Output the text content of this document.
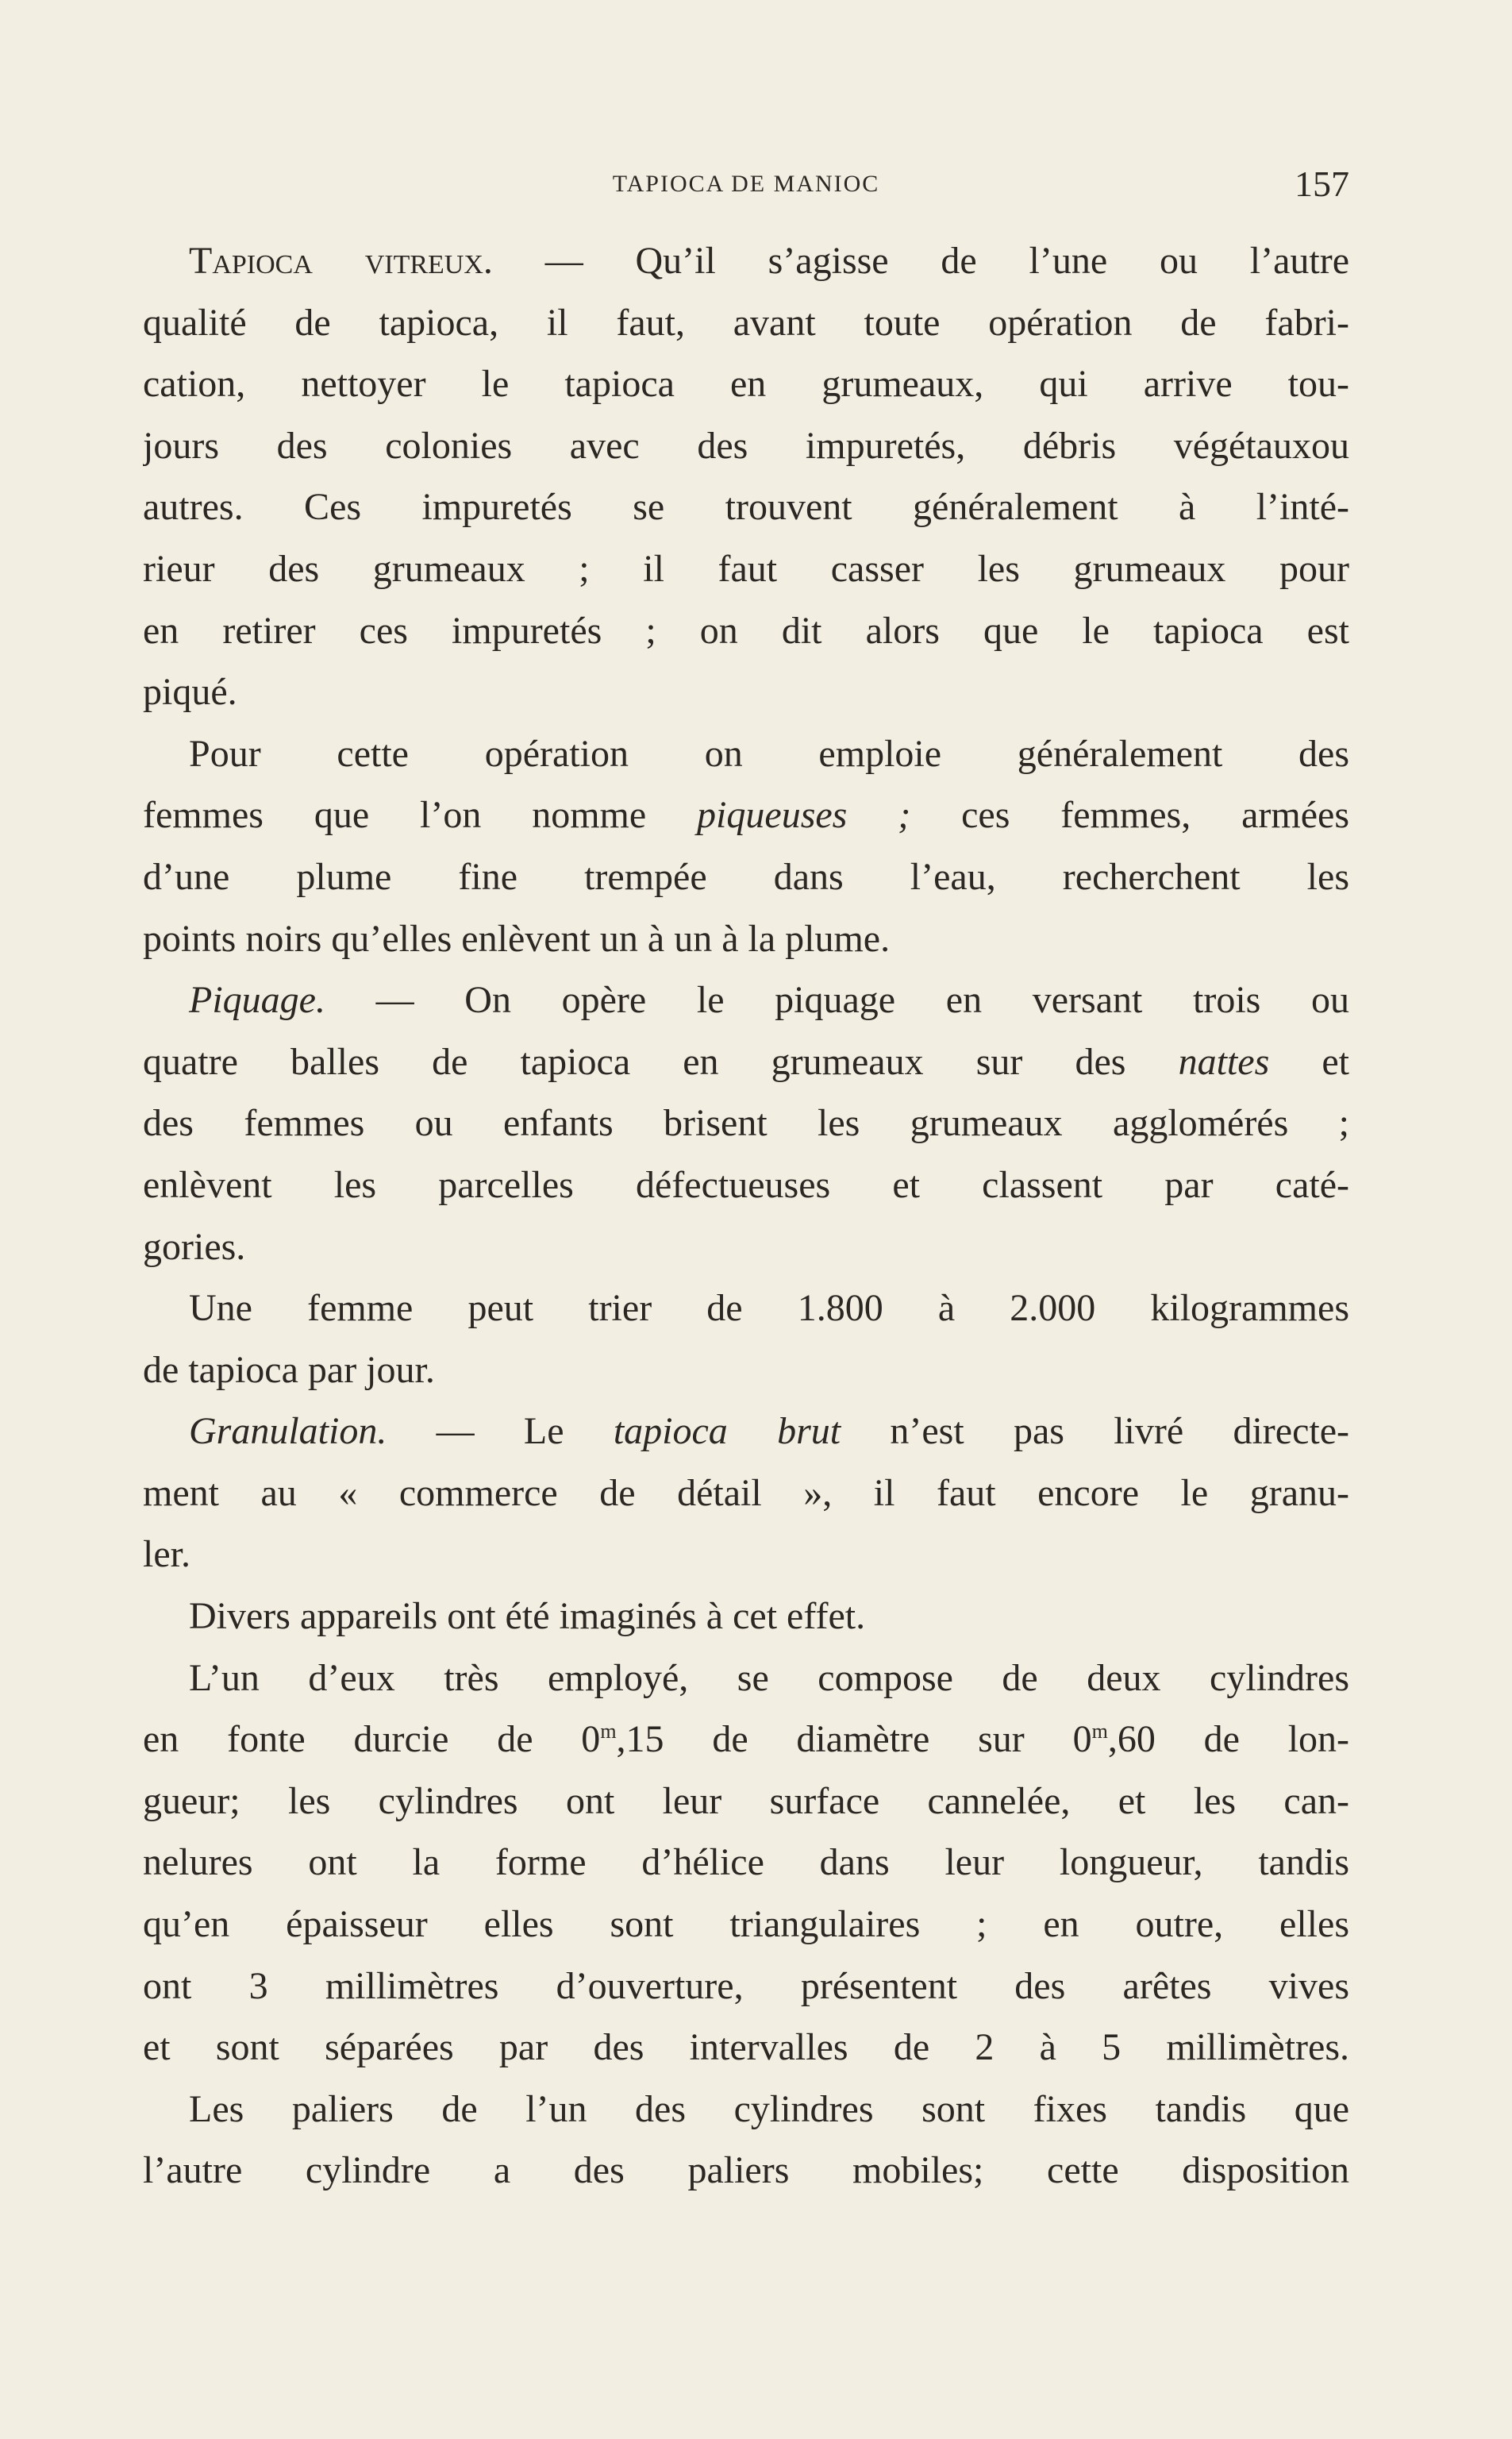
TAPIOCA DE MANIOC	157
Tapioca vitreux. — Qu’il s’agisse de l’une ou l’autre
qualité de tapioca, il faut, avant toute opération de fabri-
cation, nettoyer le tapioca en grumeaux, qui arrive tou-
jours des colonies avec des impuretés, débris végétauxou
autres. Ces impuretés se trouvent généralement à l’inté-
rieur des grumeaux ; il faut casser les grumeaux pour
en retirer ces impuretés ; on dit alors que le tapioca est
piqué.
Pour cette opération on emploie généralement des
femmes que l’on nomme piqueuses ; ces femmes, armées
d’une plume fine trempée dans l’eau, recherchent les
points noirs qu’elles enlèvent un à un à la plume.
Piquage. — On opère le piquage en versant trois ou
quatre balles de tapioca en grumeaux sur des nattes et
des femmes ou enfants brisent les grumeaux agglomérés ;
enlèvent les parcelles défectueuses et classent par caté-
gories.
Une femme peut trier de 1.800 à 2.000 kilogrammes
de tapioca par jour.
Granulation. — Le tapioca brut n’est pas livré directe-
ment au « commerce de détail », il faut encore le granu-
ler.
Divers appareils ont été imaginés à cet effet.
L’un d’eux très employé, se compose de deux cylindres
en fonte durcie de 0$^m$,15 de diamètre sur 0$^m$,60 de lon-
gueur; les cylindres ont leur surface cannelée, et les can-
nelures ont la forme d’hélice dans leur longueur, tandis
qu’en épaisseur elles sont triangulaires ; en outre, elles
ont 3 millimètres d’ouverture, présentent des arêtes vives
et sont séparées par des intervalles de 2 à 5 millimètres.
Les paliers de l’un des cylindres sont fixes tandis que
l’autre cylindre a des paliers mobiles; cette disposition
